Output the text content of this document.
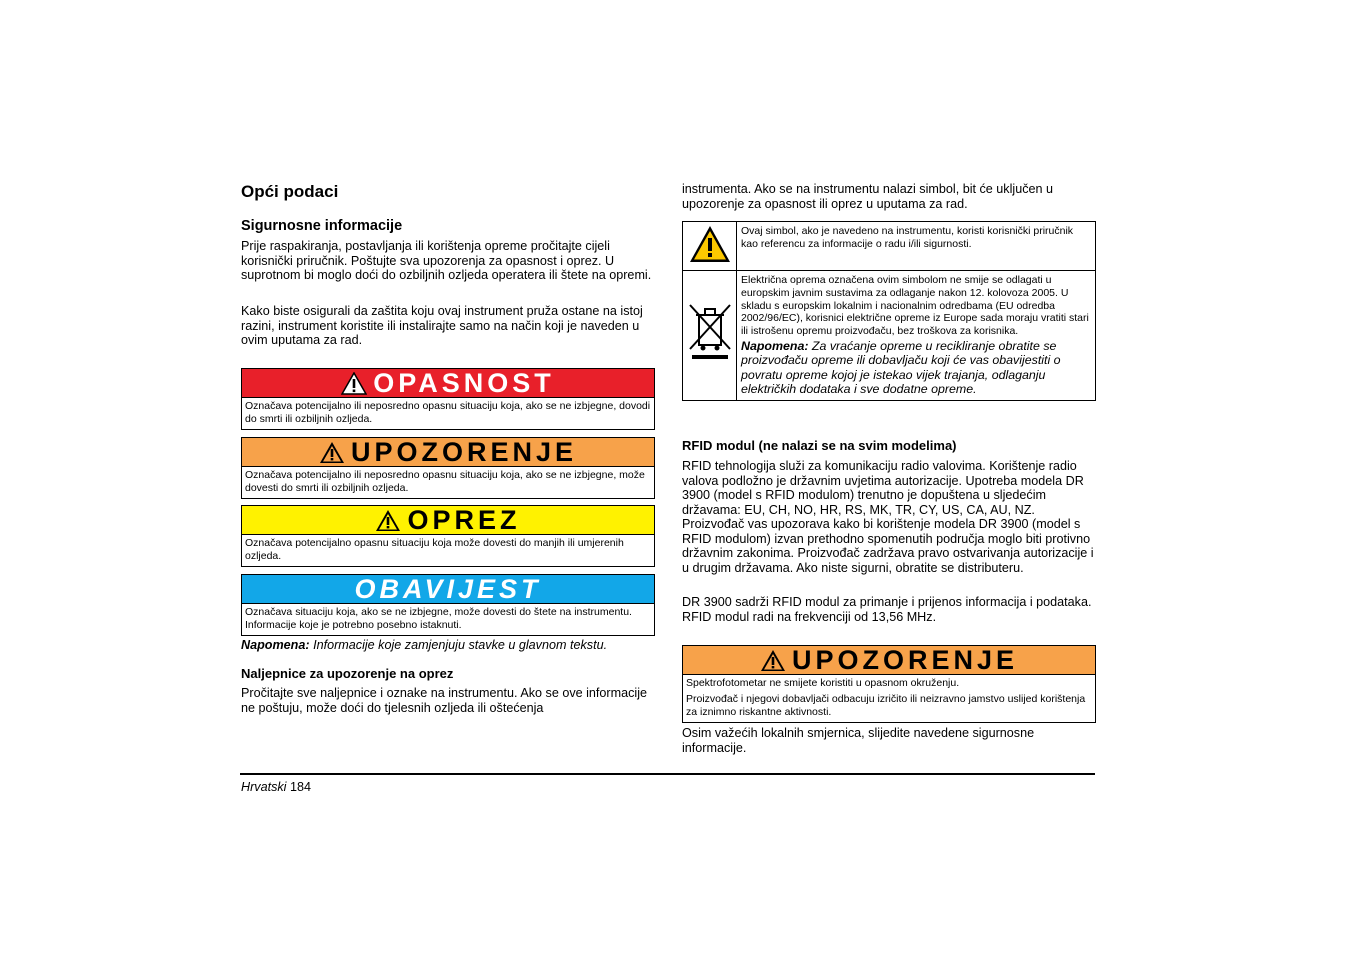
Opći podaci
Sigurnosne informacije

Prije raspakiranja, postavljanja ili korištenja opreme pročitajte cijeli korisnički priručnik. Poštujte sva upozorenja za opasnost i oprez. U suprotnom bi moglo doći do ozbiljnih ozljeda operatera ili štete na opremi.

Kako biste osigurali da zaštita koju ovaj instrument pruža ostane na istoj razini, instrument koristite ili instalirajte samo na način koji je naveden u ovim uputama za rad.

OPASNOST
Označava potencijalno ili neposredno opasnu situaciju koja, ako se ne izbjegne, dovodi do smrti ili ozbiljnih ozljeda.
UPOZORENJE
Označava potencijalno ili neposredno opasnu situaciju koja, ako se ne izbjegne, može dovesti do smrti ili ozbiljnih ozljeda.
OPREZ
Označava potencijalno opasnu situaciju koja može dovesti do manjih ili umjerenih ozljeda.
OBAVIJEST
Označava situaciju koja, ako se ne izbjegne, može dovesti do štete na instrumentu. Informacije koje je potrebno posebno istaknuti.

Napomena: Informacije koje zamjenjuju stavke u glavnom tekstu.

Naljepnice za upozorenje na oprez

Pročitajte sve naljepnice i oznake na instrumentu. Ako se ove informacije ne poštuju, može doći do tjelesnih ozljeda ili oštećenja

instrumenta. Ako se na instrumentu nalazi simbol, bit će uključen u upozorenje za opasnost ili oprez u uputama za rad.

	Ovaj simbol, ako je navedeno na instrumentu, koristi korisnički priručnik kao referencu za informacije o radu i/ili sigurnosti.

Električna oprema označena ovim simbolom ne smije se odlagati u europskim javnim sustavima za odlaganje nakon 12. kolovoza 2005. U skladu s europskim lokalnim i nacionalnim odredbama (EU odredba 2002/96/EC), korisnici električne opreme iz Europe sada moraju vratiti stari ili istrošenu opremu proizvođaču, bez troškova za korisnika.
Napomena: Za vraćanje opreme u recikliranje obratite se proizvođaču opreme ili dobavljaču koji će vas obavijestiti o povratu opreme kojoj je istekao vijek trajanja, odlaganju električkih dodataka i sve dodatne opreme.
RFID modul (ne nalazi se na svim modelima)

RFID tehnologija služi za komunikaciju radio valovima. Korištenje radio valova podložno je državnim uvjetima autorizacije. Upotreba modela DR 3900 (model s RFID modulom) trenutno je dopuštena u sljedećim državama: EU, CH, NO, HR, RS, MK, TR, CY, US, CA, AU, NZ. Proizvođač vas upozorava kako bi korištenje modela DR 3900 (model s RFID modulom) izvan prethodno spomenutih područja moglo biti protivno državnim zakonima. Proizvođač zadržava pravo ostvarivanja autorizacije i u drugim državama. Ako niste sigurni, obratite se distributeru.

DR 3900 sadrži RFID modul za primanje i prijenos informacija i podataka. RFID modul radi na frekvenciji od 13,56 MHz.

UPOZORENJE
Spektrofotometar ne smijete koristiti u opasnom okruženju.
Proizvođač i njegovi dobavljači odbacuju izričito ili neizravno jamstvo uslijed korištenja za iznimno riskantne aktivnosti.

Osim važećih lokalnih smjernica, slijedite navedene sigurnosne informacije.

Hrvatski 184
